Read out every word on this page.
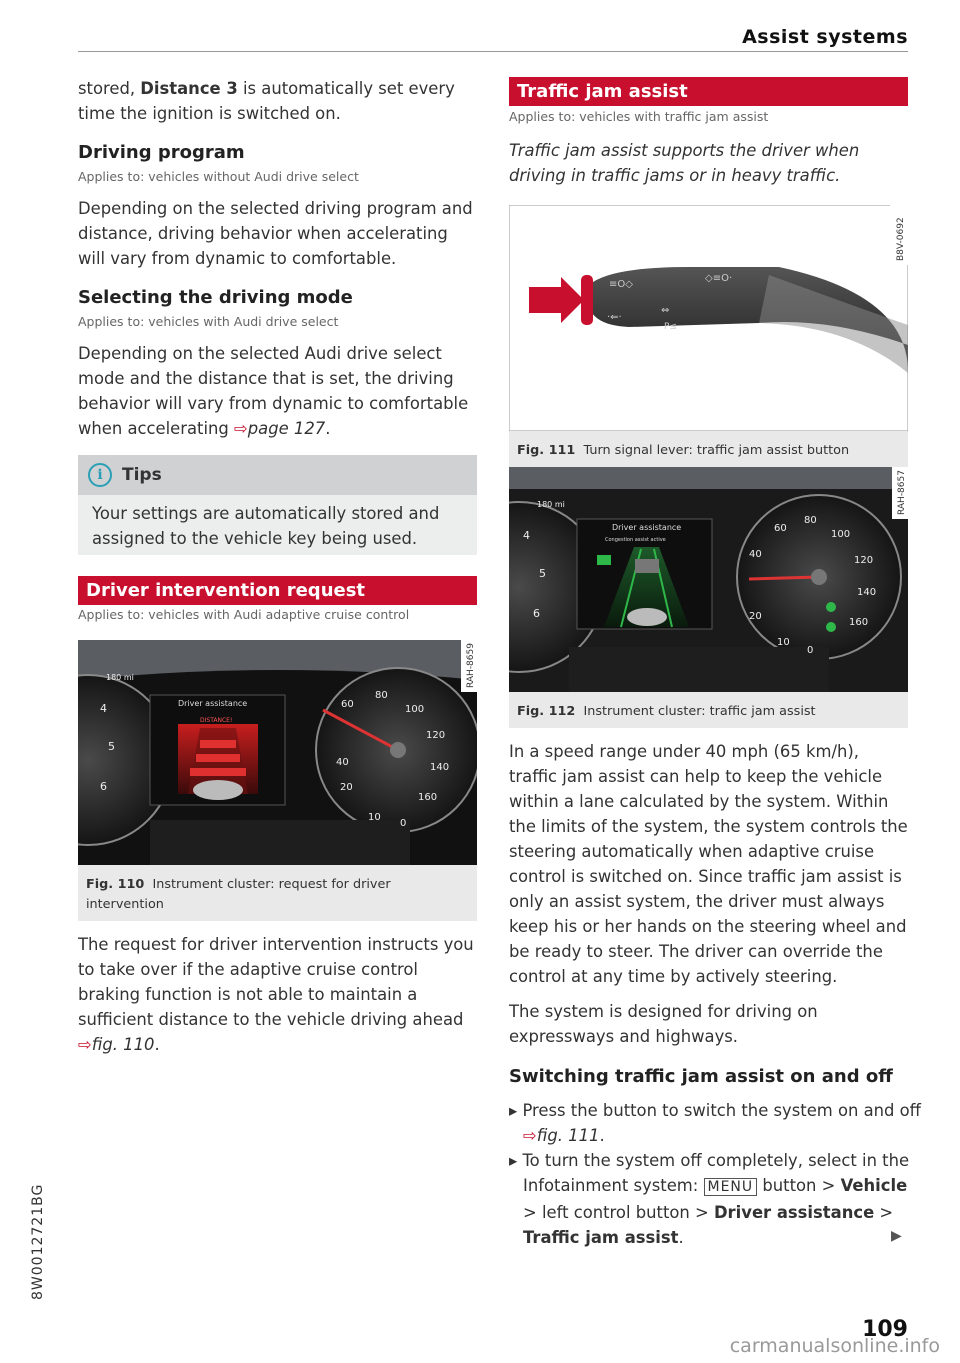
Assist systems

stored, Distance 3 is automatically set every time the ignition is switched on.

Driving program

Applies to: vehicles without Audi drive select

Depending on the selected driving program and distance, driving behavior when accelerating will vary from dynamic to comfortable.

Selecting the driving mode

Applies to: vehicles with Audi drive select

Depending on the selected Audi drive select mode and the distance that is set, the driving behavior will vary from dynamic to comfortable when accelerating ⇨page 127.

i	Tips

Your settings are automatically stored and assigned to the vehicle key being used.

Driver intervention request

Applies to: vehicles with Audi adaptive cruise control

Driver assistance
DISTANCE!
180 mi
80
60	100
120
140
160
40
20
10
0
4
5
6
RAH-8659
Fig. 110 Instrument cluster: request for driver intervention

The request for driver intervention instructs you to take over if the adaptive cruise control braking function is not able to maintain a sufficient distance to the vehicle driving ahead ⇨fig. 110.

Traffic jam assist

Applies to: vehicles with traffic jam assist

Traffic jam assist supports the driver when driving in traffic jams or in heavy traffic.

≡O◇
◇≡O·
·⇐·
⇔
P≤
B8V-0692
Fig. 111 Turn signal lever: traffic jam assist button
Driver assistance
Congestion assist active
180 mi
80
60
100
120
140
160
40
20
10
0
4
5
6
RAH-8657
Fig. 112 Instrument cluster: traffic jam assist

In a speed range under 40 mph (65 km/h), traffic jam assist can help to keep the vehicle within a lane calculated by the system. Within the limits of the system, the system controls the steering automatically when adaptive cruise control is switched on. Since traffic jam assist is only an assist system, the driver must always keep his or her hands on the steering wheel and be ready to steer. The driver can override the control at any time by actively steering.

The system is designed for driving on expressways and highways.

Switching traffic jam assist on and off

▸ Press the button to switch the system on and off ⇨fig. 111.

▸ To turn the system off completely, select in the Infotainment system: MENU button > Vehicle > left control button > Driver assistance > Traffic jam assist.	▶
8W0012721BG
109
carmanualsonline.info
